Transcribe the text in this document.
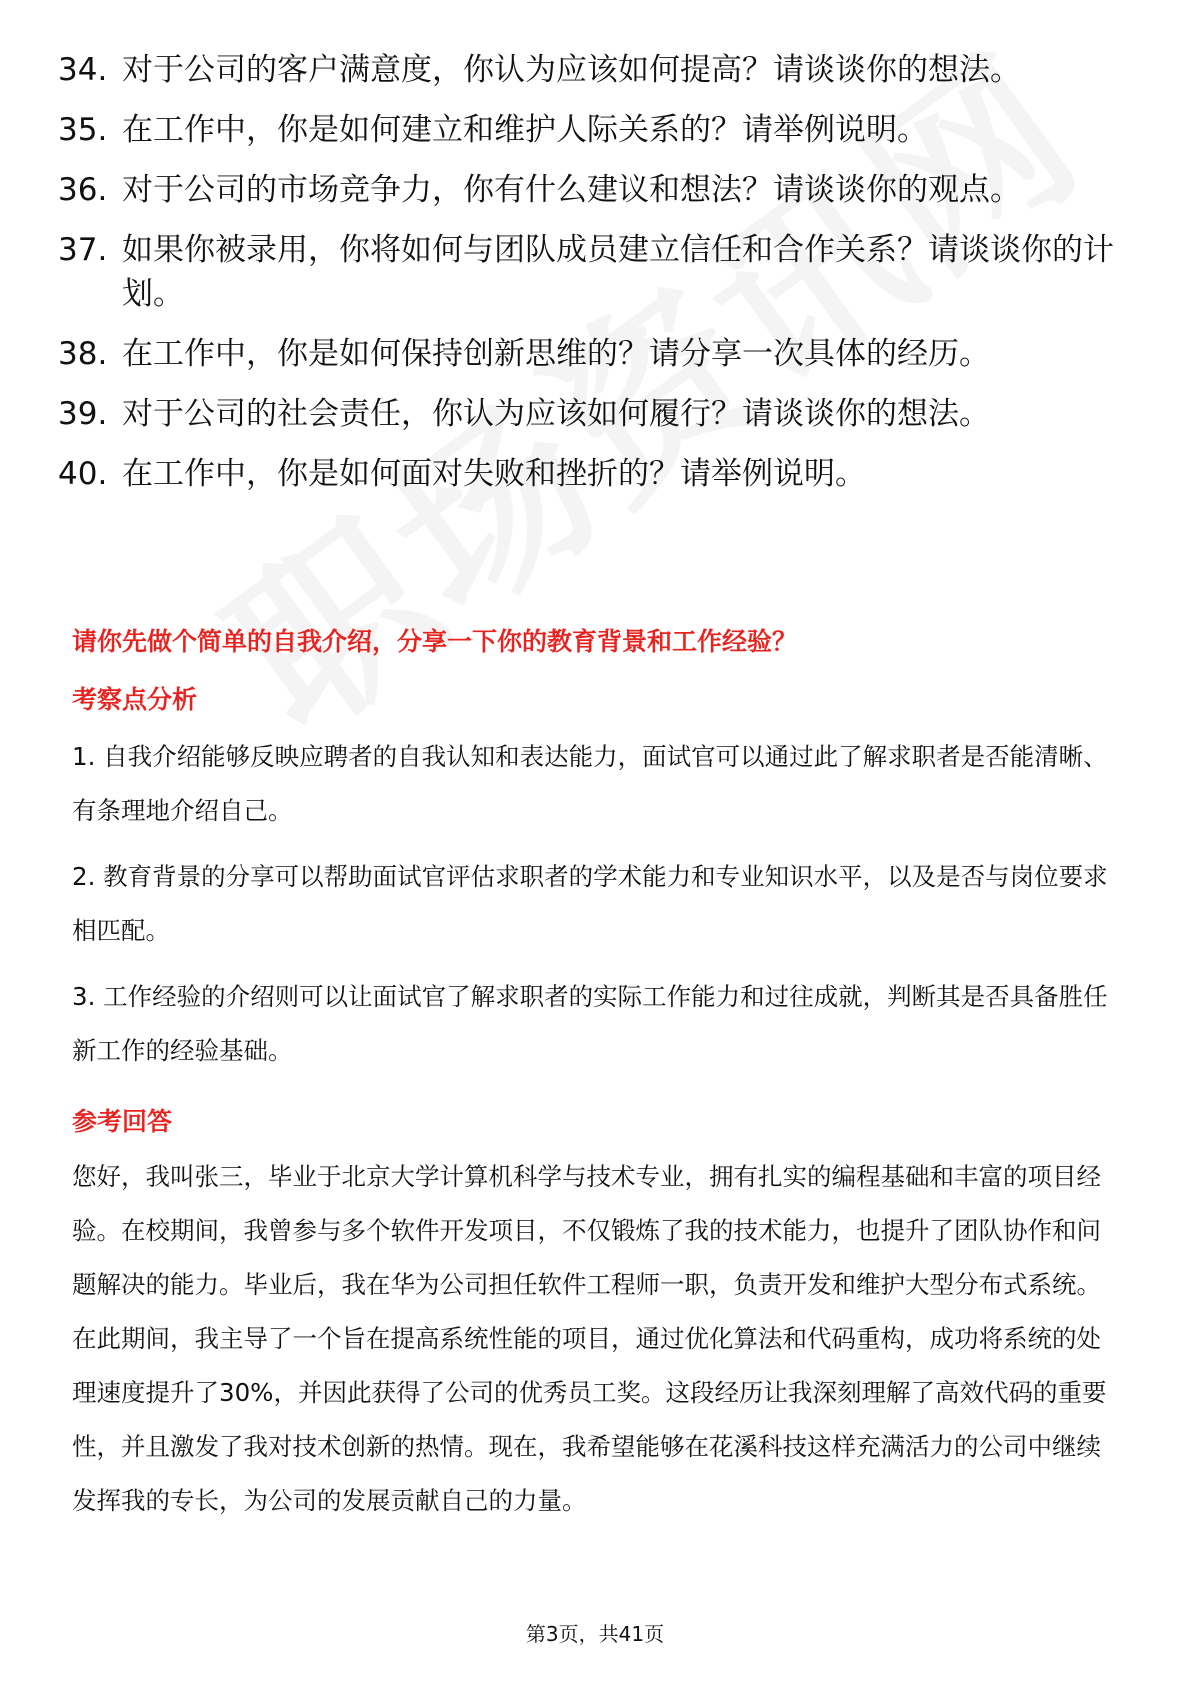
34. 对于公司的客户满意度，你认为应该如何提高？请谈谈你的想法。
35. 在工作中，你是如何建立和维护人际关系的？请举例说明。
36. 对于公司的市场竞争力，你有什么建议和想法？请谈谈你的观点。
37. 如果你被录用，你将如何与团队成员建立信任和合作关系？请谈谈你的计划。
38. 在工作中，你是如何保持创新思维的？请分享一次具体的经历。
39. 对于公司的社会责任，你认为应该如何履行？请谈谈你的想法。
40. 在工作中，你是如何面对失败和挫折的？请举例说明。
请你先做个简单的自我介绍，分享一下你的教育背景和工作经验？
考察点分析

1. 自我介绍能够反映应聘者的自我认知和表达能力，面试官可以通过此了解求职者是否能清晰、有条理地介绍自己。

2. 教育背景的分享可以帮助面试官评估求职者的学术能力和专业知识水平，以及是否与岗位要求相匹配。

3. 工作经验的介绍则可以让面试官了解求职者的实际工作能力和过往成就，判断其是否具备胜任新工作的经验基础。

参考回答

您好，我叫张三，毕业于北京大学计算机科学与技术专业，拥有扎实的编程基础和丰富的项目经验。在校期间，我曾参与多个软件开发项目，不仅锻炼了我的技术能力，也提升了团队协作和问题解决的能力。毕业后，我在华为公司担任软件工程师一职，负责开发和维护大型分布式系统。在此期间，我主导了一个旨在提高系统性能的项目，通过优化算法和代码重构，成功将系统的处理速度提升了30%，并因此获得了公司的优秀员工奖。这段经历让我深刻理解了高效代码的重要性，并且激发了我对技术创新的热情。现在，我希望能够在花溪科技这样充满活力的公司中继续发挥我的专长，为公司的发展贡献自己的力量。

第3页，共41页
